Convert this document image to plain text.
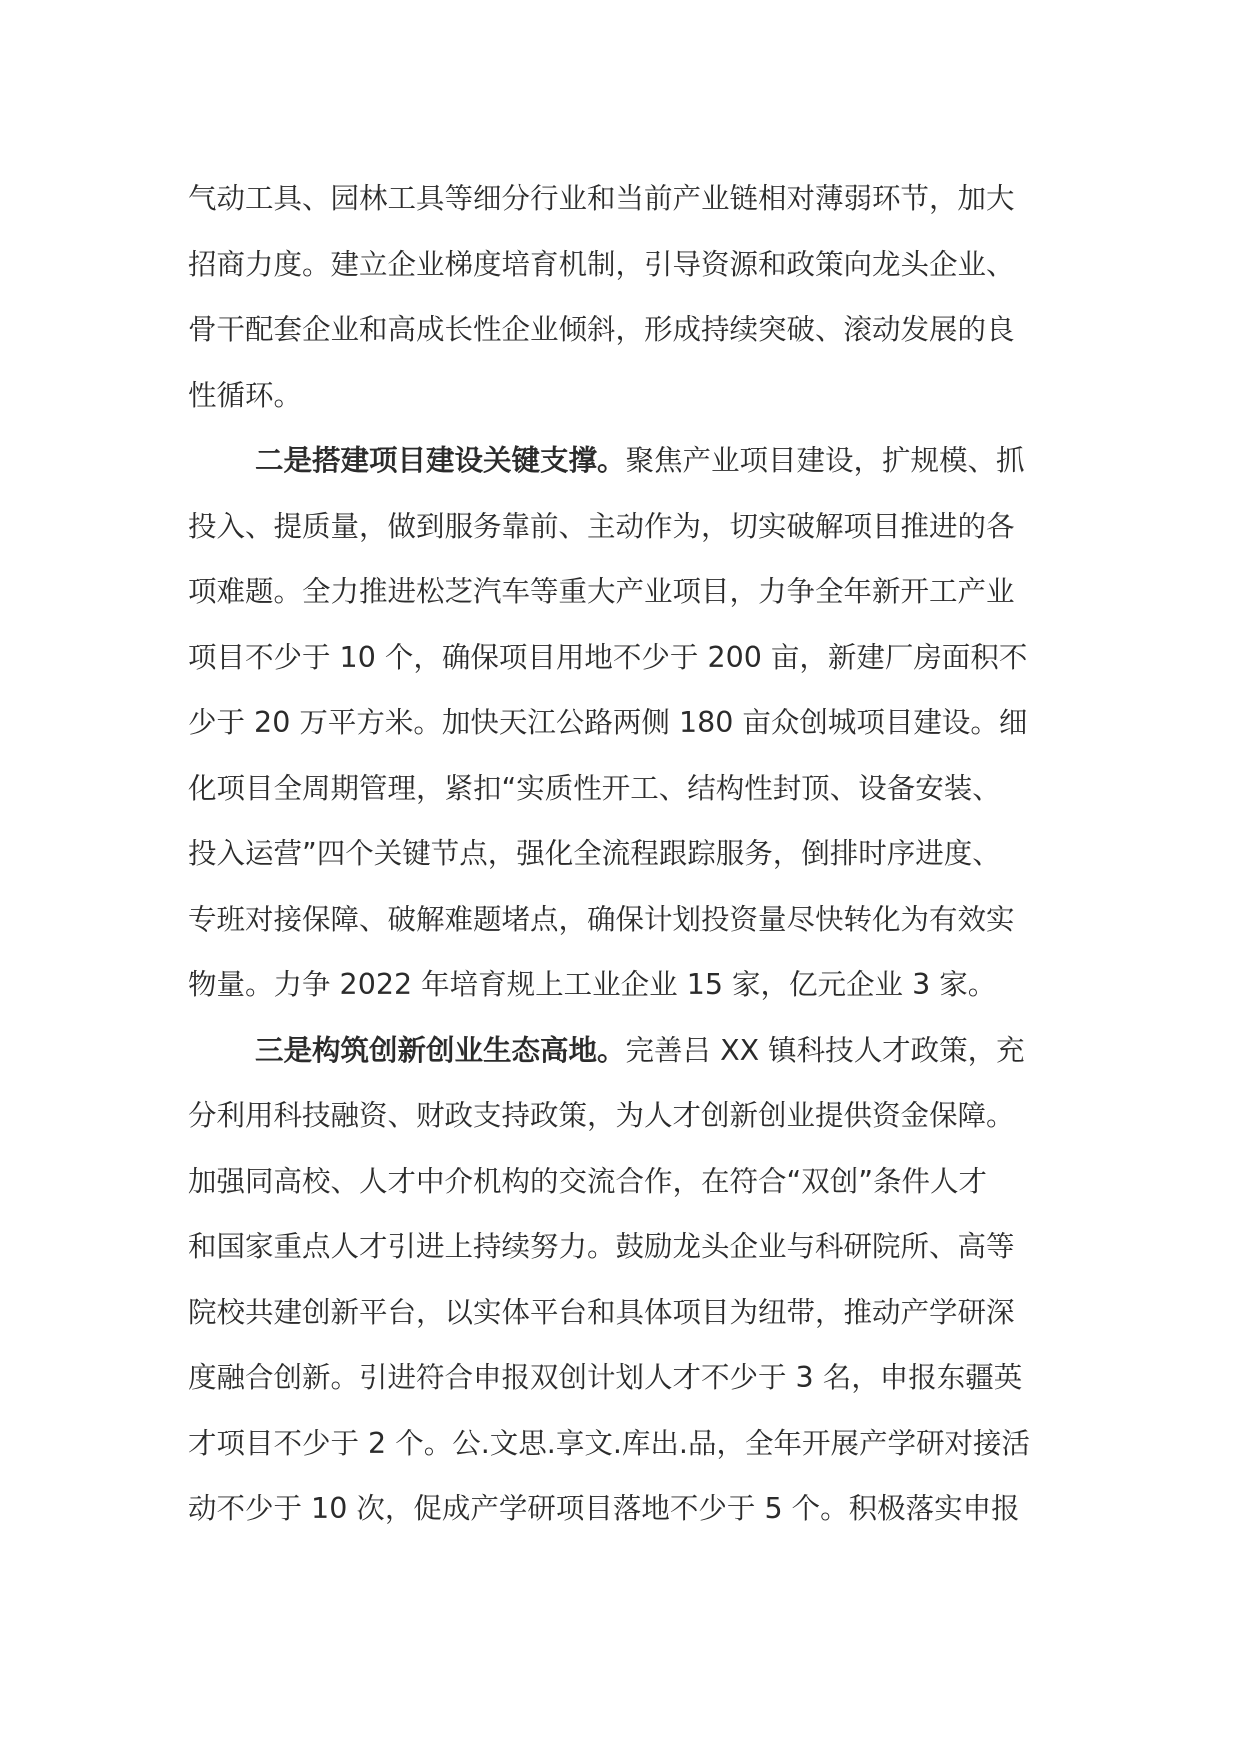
气动工具、园林工具等细分行业和当前产业链相对薄弱环节，加大
招商力度。建立企业梯度培育机制，引导资源和政策向龙头企业、
骨干配套企业和高成长性企业倾斜，形成持续突破、滚动发展的良
性循环。
二是搭建项目建设关键支撑。聚焦产业项目建设，扩规模、抓
投入、提质量，做到服务靠前、主动作为，切实破解项目推进的各
项难题。全力推进松芝汽车等重大产业项目，力争全年新开工产业
项目不少于 10 个，确保项目用地不少于 200 亩，新建厂房面积不
少于 20 万平方米。加快天江公路两侧 180 亩众创城项目建设。细
化项目全周期管理，紧扣“实质性开工、结构性封顶、设备安装、
投入运营”四个关键节点，强化全流程跟踪服务，倒排时序进度、
专班对接保障、破解难题堵点，确保计划投资量尽快转化为有效实
物量。力争 2022 年培育规上工业企业 15 家，亿元企业 3 家。
三是构筑创新创业生态高地。完善吕 XX 镇科技人才政策，充
分利用科技融资、财政支持政策，为人才创新创业提供资金保障。
加强同高校、人才中介机构的交流合作，在符合“双创”条件人才
和国家重点人才引进上持续努力。鼓励龙头企业与科研院所、高等
院校共建创新平台，以实体平台和具体项目为纽带，推动产学研深
度融合创新。引进符合申报双创计划人才不少于 3 名，申报东疆英
才项目不少于 2 个。公.文思.享文.库出.品，全年开展产学研对接活
动不少于 10 次，促成产学研项目落地不少于 5 个。积极落实申报
